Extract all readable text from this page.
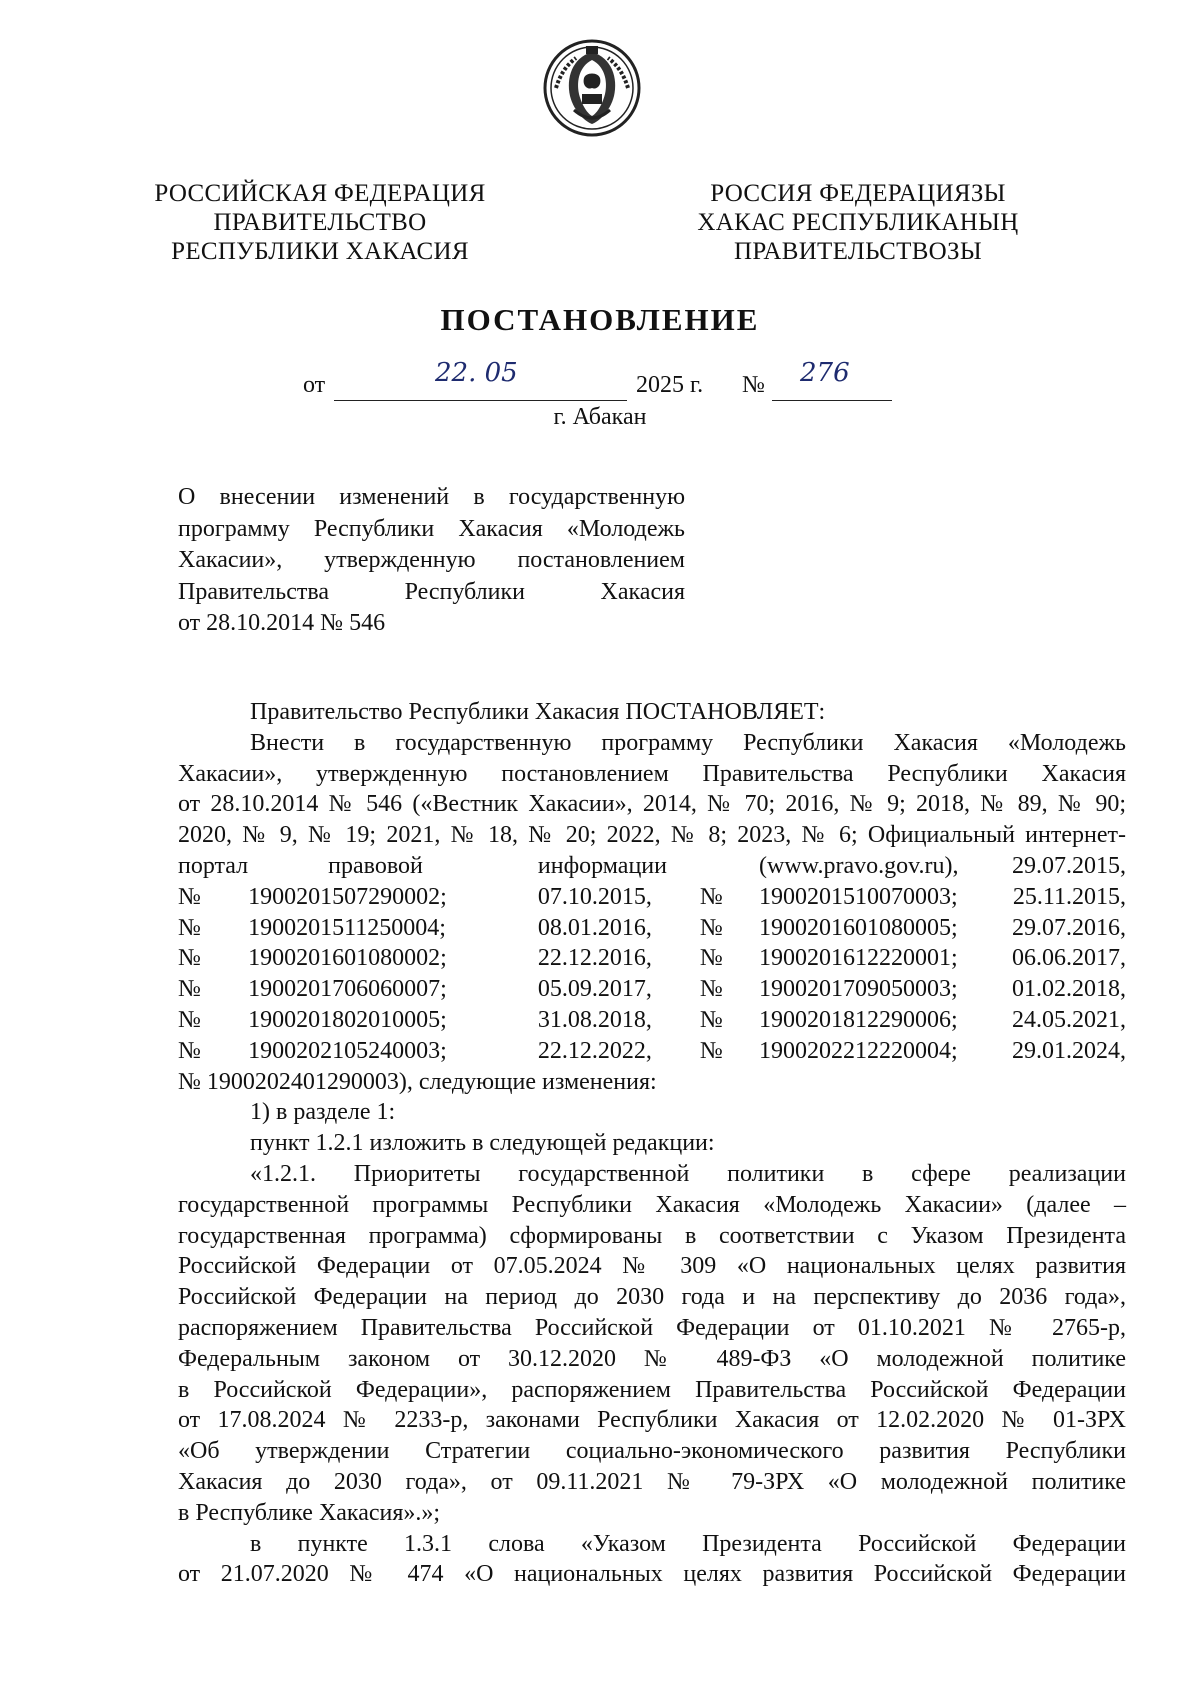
РОССИЙСКАЯ ФЕДЕРАЦИЯ
ПРАВИТЕЛЬСТВО
РЕСПУБЛИКИ ХАКАСИЯ
РОССИЯ ФЕДЕРАЦИЯЗЫ
ХАКАС РЕСПУБЛИКАНЫҢ
ПРАВИТЕЛЬСТВОЗЫ
ПОСТАНОВЛЕНИЕ
от	22. 05	2025 г. № 276
г. Абакан
О внесении изменений в государственную
программу Республики Хакасия «Молодежь
Хакасии», утвержденную постановлением
Правительства Республики Хакасия
от 28.10.2014 № 546

Правительство Республики Хакасия ПОСТАНОВЛЯЕТ:

Внести в государственную программу Республики Хакасия «Молодежь

Хакасии», утвержденную постановлением Правительства Республики Хакасия

от 28.10.2014 № 546 («Вестник Хакасии», 2014, № 70; 2016, № 9; 2018, № 89, № 90;

2020, № 9, № 19; 2021, № 18, № 20; 2022, № 8; 2023, № 6; Официальный интернет-

портал	правовой	информации		(www.pravo.gov.ru),	29.07.2015,
№	1900201507290002;	07.10.2015,	№	1900201510070003;	25.11.2015,
№	1900201511250004;	08.01.2016,	№	1900201601080005;	29.07.2016,
№	1900201601080002;	22.12.2016,	№	1900201612220001;	06.06.2017,
№	1900201706060007;	05.09.2017,	№	1900201709050003;	01.02.2018,
№	1900201802010005;	31.08.2018,	№	1900201812290006;	24.05.2021,
№	1900202105240003;	22.12.2022,	№	1900202212220004;	29.01.2024,

№ 1900202401290003), следующие изменения:

1) в разделе 1:

пункт 1.2.1 изложить в следующей редакции:

«1.2.1. Приоритеты государственной политики в сфере реализации

государственной программы Республики Хакасия «Молодежь Хакасии» (далее –

государственная программа) сформированы в соответствии с Указом Президента

Российской Федерации от 07.05.2024 № 309 «О национальных целях развития

Российской Федерации на период до 2030 года и на перспективу до 2036 года»,

распоряжением Правительства Российской Федерации от 01.10.2021 № 2765-р,

Федеральным законом от 30.12.2020 № 489-ФЗ «О молодежной политике

в Российской Федерации», распоряжением Правительства Российской Федерации

от 17.08.2024 № 2233-р, законами Республики Хакасия от 12.02.2020 № 01-ЗРХ

«Об утверждении Стратегии социально-экономического развития Республики

Хакасия до 2030 года», от 09.11.2021 № 79-ЗРХ «О молодежной политике

в Республике Хакасия».»;

в пункте 1.3.1 слова «Указом Президента Российской Федерации

от 21.07.2020 № 474 «О национальных целях развития Российской Федерации
